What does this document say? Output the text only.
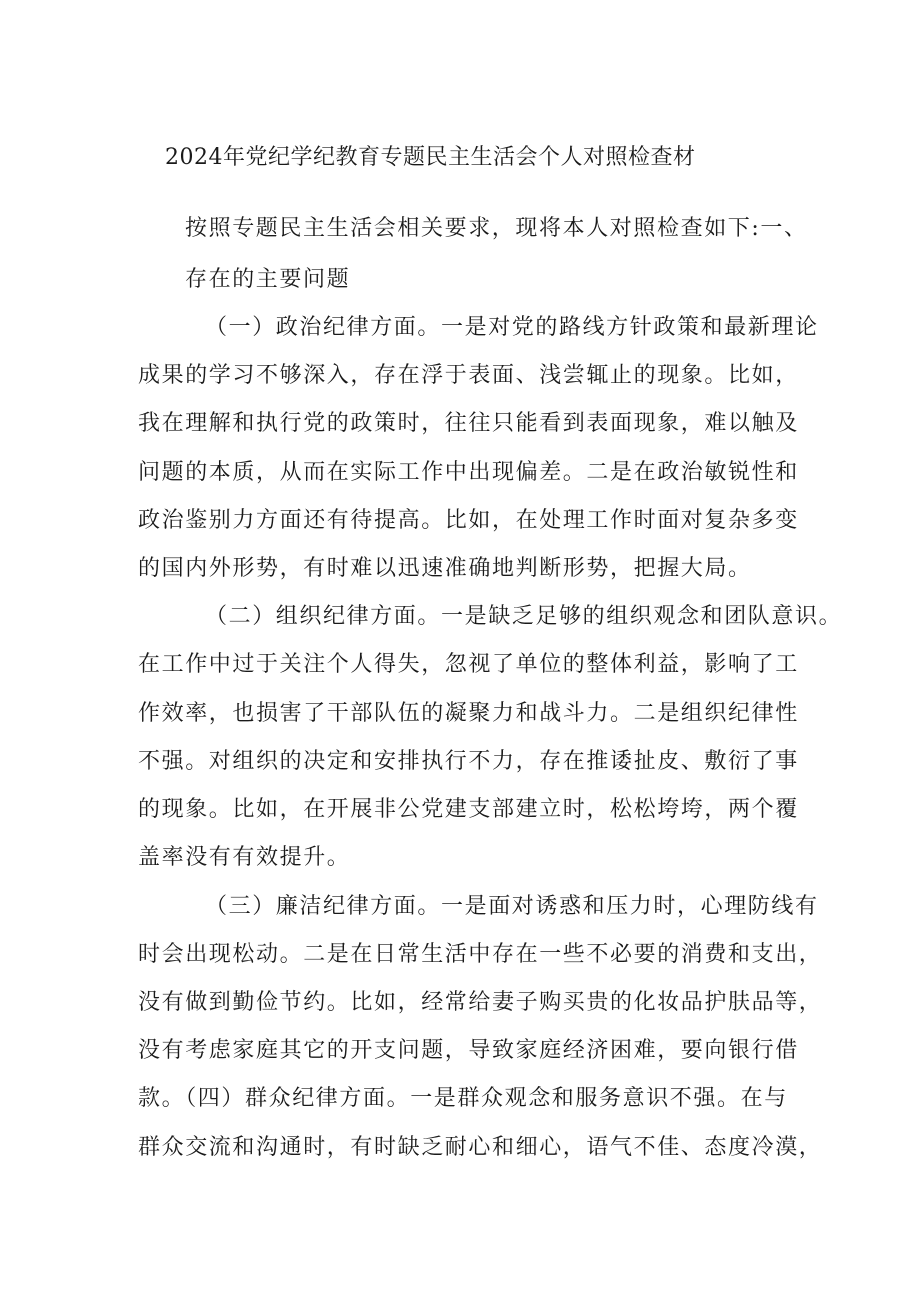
2024年党纪学纪教育专题民主生活会个人对照检查材
按照专题民主生活会相关要求，现将本人对照检查如下:一、
存在的主要问题
（一）政治纪律方面。一是对党的路线方针政策和最新理论
成果的学习不够深入，存在浮于表面、浅尝辄止的现象。比如，
我在理解和执行党的政策时，往往只能看到表面现象，难以触及
问题的本质，从而在实际工作中出现偏差。二是在政治敏锐性和
政治鉴别力方面还有待提高。比如，在处理工作时面对复杂多变
的国内外形势，有时难以迅速准确地判断形势，把握大局。
（二）组织纪律方面。一是缺乏足够的组织观念和团队意识。
在工作中过于关注个人得失，忽视了单位的整体利益，影响了工
作效率，也损害了干部队伍的凝聚力和战斗力。二是组织纪律性
不强。对组织的决定和安排执行不力，存在推诿扯皮、敷衍了事
的现象。比如，在开展非公党建支部建立时，松松垮垮，两个覆
盖率没有有效提升。
（三）廉洁纪律方面。一是面对诱惑和压力时，心理防线有
时会出现松动。二是在日常生活中存在一些不必要的消费和支出，
没有做到勤俭节约。比如，经常给妻子购买贵的化妆品护肤品等，
没有考虑家庭其它的开支问题，导致家庭经济困难，要向银行借
款。（四）群众纪律方面。一是群众观念和服务意识不强。在与
群众交流和沟通时，有时缺乏耐心和细心，语气不佳、态度冷漠，
